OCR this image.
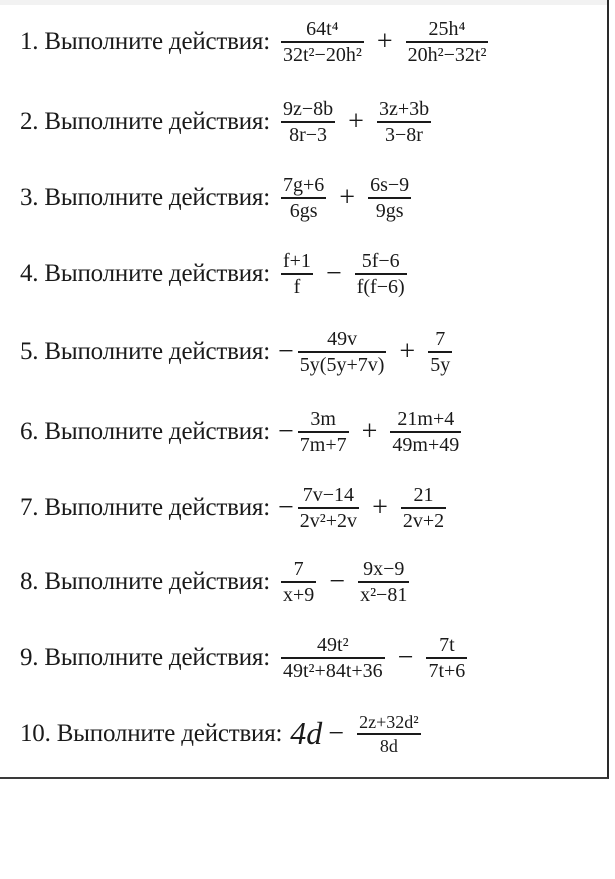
1. Выполните действия: $\frac{\text{64t⁴}}{\text{32t²−20h²}} + \frac{\text{25h⁴}}{\text{20h²−32t²}}$
2. Выполните действия: $\frac{9z-8b}{8r-3} + \frac{3z+3b}{3-8r}$
3. Выполните действия: $\frac{7g+6}{6gs} + \frac{6s-9}{9gs}$
4. Выполните действия: $\frac{f+1}{f} - \frac{5f-6}{f(f-6)}$
5. Выполните действия: − $\frac{49v}{5y(5y+7v)} + \frac{7}{5y}$
6. Выполните действия: − $\frac{3m}{7m+7} + \frac{21m+4}{49m+49}$
7. Выполните действия: − $\frac{7v-14}{\text{2v²+2v}} + \frac{21}{2v+2}$
8. Выполните действия: $\frac{7}{x+9} - \frac{9x-9}{\text{x²−81}}$
9. Выполните действия: $\frac{\text{49t²}}{\text{49t²+84t+36}} - \frac{7t}{7t+6}$
10. Выполните действия: $4d - \frac{\text{2z+32d²}}{8d}$
